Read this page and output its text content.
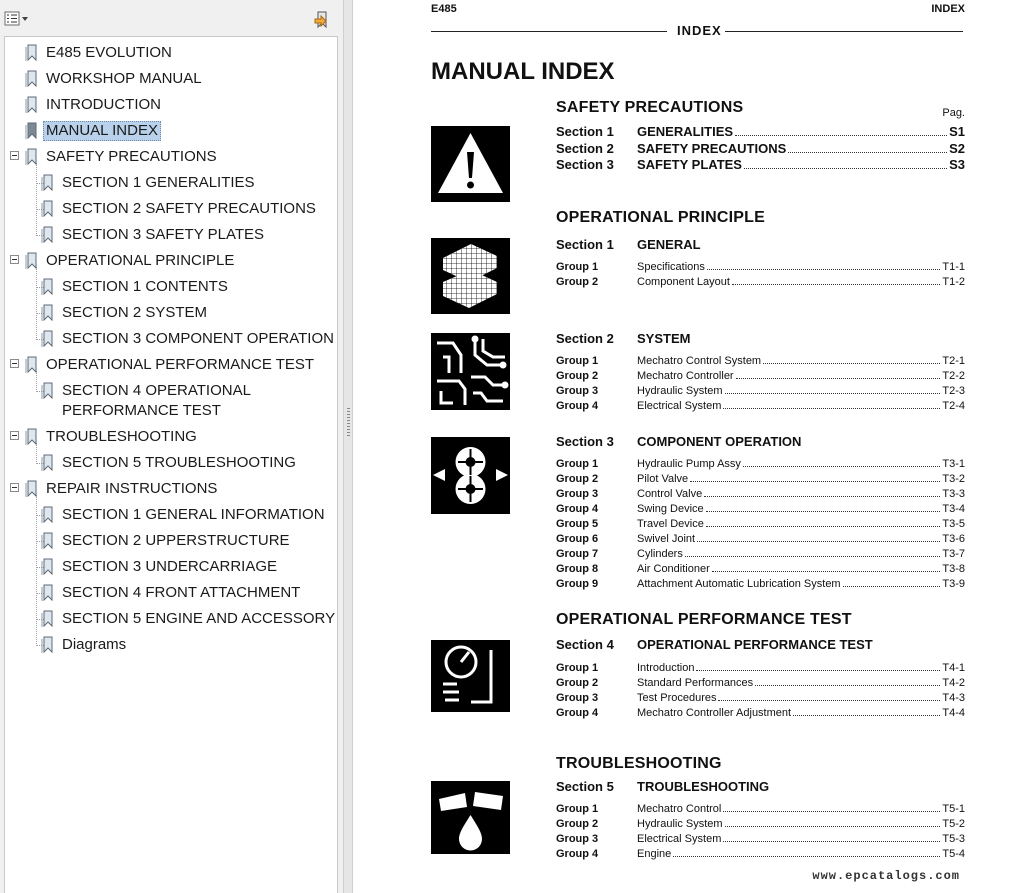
E485 EVOLUTION
WORKSHOP MANUAL
INTRODUCTION
MANUAL INDEX
SAFETY PRECAUTIONS
SECTION 1 GENERALITIES
SECTION 2 SAFETY PRECAUTIONS
SECTION 3 SAFETY PLATES
OPERATIONAL PRINCIPLE
SECTION 1 CONTENTS
SECTION 2 SYSTEM
SECTION 3 COMPONENT OPERATION
OPERATIONAL PERFORMANCE TEST
SECTION 4 OPERATIONAL
PERFORMANCE TEST
TROUBLESHOOTING
SECTION 5 TROUBLESHOOTING
REPAIR INSTRUCTIONS
SECTION 1 GENERAL INFORMATION
SECTION 2 UPPERSTRUCTURE
SECTION 3 UNDERCARRIAGE
SECTION 4 FRONT ATTACHMENT
SECTION 5 ENGINE AND ACCESSORY
Diagrams
E485	INDEX
INDEX
MANUAL INDEX
SAFETY PRECAUTIONS	Pag.
OPERATIONAL PRINCIPLE
Section 1 GENERAL
Section 2 SYSTEM
Section 3 COMPONENT OPERATION
OPERATIONAL PERFORMANCE TEST
Section 4 OPERATIONAL PERFORMANCE TEST
TROUBLESHOOTING
Section 5 TROUBLESHOOTING
www.epcatalogs.com
Section 1 GENERALITIES	S1
Section 2 SAFETY PRECAUTIONS	S2
Section 3 SAFETY PLATES	S3
Group 1	Specifications	T1-1
Group 2	Component Layout	T1-2
Group 1	Mechatro Control System	T2-1
Group 2	Mechatro Controller	T2-2
Group 3	Hydraulic System	T2-3
Group 4	Electrical System	T2-4
Group 1	Hydraulic Pump Assy	T3-1
Group 2	Pilot Valve	T3-2
Group 3	Control Valve	T3-3
Group 4	Swing Device	T3-4
Group 5	Travel Device	T3-5
Group 6	Swivel Joint	T3-6
Group 7	Cylinders	T3-7
Group 8	Air Conditioner	T3-8
Group 9	Attachment Automatic Lubrication System	T3-9
Group 1	Introduction	T4-1
Group 2	Standard Performances	T4-2
Group 3	Test Procedures	T4-3
Group 4	Mechatro Controller Adjustment	T4-4
Group 1	Mechatro Control	T5-1
Group 2	Hydraulic System	T5-2
Group 3	Electrical System	T5-3
Group 4	Engine	T5-4
